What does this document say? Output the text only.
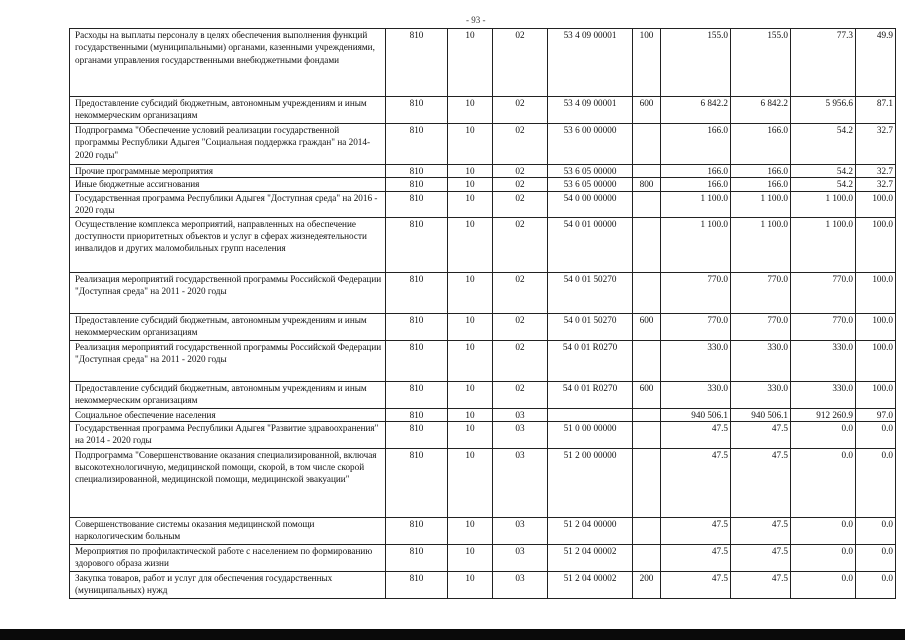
- 93 -
Расходы на выплаты персоналу в целях обеспечения выполнения функций государственными (муниципальными) органами, казенными учреждениями, органами управления государственными внебюджетными фондами	810	10	02	53 4 09 00001	100	155.0	155.0	77.3	49.9
Предоставление субсидий бюджетным, автономным учреждениям и иным некоммерческим организациям	810	10	02	53 4 09 00001	600	6 842.2	6 842.2	5 956.6	87.1
Подпрограмма "Обеспечение условий реализации государственной программы Республики Адыгея "Социальная поддержка граждан" на 2014-2020 годы"	810	10	02	53 6 00 00000		166.0	166.0	54.2	32.7
Прочие программные мероприятия	810	10	02	53 6 05 00000		166.0	166.0	54.2	32.7
Иные бюджетные ассигнования	810	10	02	53 6 05 00000	800	166.0	166.0	54.2	32.7
Государственная программа Республики Адыгея "Доступная среда" на 2016 - 2020 годы	810	10	02	54 0 00 00000		1 100.0	1 100.0	1 100.0	100.0
Осуществление комплекса мероприятий, направленных на обеспечение доступности приоритетных объектов и услуг в сферах жизнедеятельности инвалидов и других маломобильных групп населения	810	10	02	54 0 01 00000		1 100.0	1 100.0	1 100.0	100.0
Реализация мероприятий государственной программы Российской Федерации "Доступная среда" на 2011 - 2020 годы	810	10	02	54 0 01 50270		770.0	770.0	770.0	100.0
Предоставление субсидий бюджетным, автономным учреждениям и иным некоммерческим организациям	810	10	02	54 0 01 50270	600	770.0	770.0	770.0	100.0
Реализация мероприятий государственной программы Российской Федерации "Доступная среда" на 2011 - 2020 годы	810	10	02	54 0 01 R0270		330.0	330.0	330.0	100.0
Предоставление субсидий бюджетным, автономным учреждениям и иным некоммерческим организациям	810	10	02	54 0 01 R0270	600	330.0	330.0	330.0	100.0
Социальное обеспечение населения	810	10	03			940 506.1	940 506.1	912 260.9	97.0
Государственная программа Республики Адыгея "Развитие здравоохранения" на 2014 - 2020 годы	810	10	03	51 0 00 00000		47.5	47.5	0.0	0.0
Подпрограмма "Совершенствование оказания специализированной, включая высокотехнологичную, медицинской помощи, скорой, в том числе скорой специализированной, медицинской помощи, медицинской эвакуации"	810	10	03	51 2 00 00000		47.5	47.5	0.0	0.0
Совершенствование системы оказания медицинской помощи наркологическим больным	810	10	03	51 2 04 00000		47.5	47.5	0.0	0.0
Мероприятия по профилактической работе с населением по формированию здорового образа жизни	810	10	03	51 2 04 00002		47.5	47.5	0.0	0.0
Закупка товаров, работ и услуг для обеспечения государственных (муниципальных) нужд	810	10	03	51 2 04 00002	200	47.5	47.5	0.0	0.0
